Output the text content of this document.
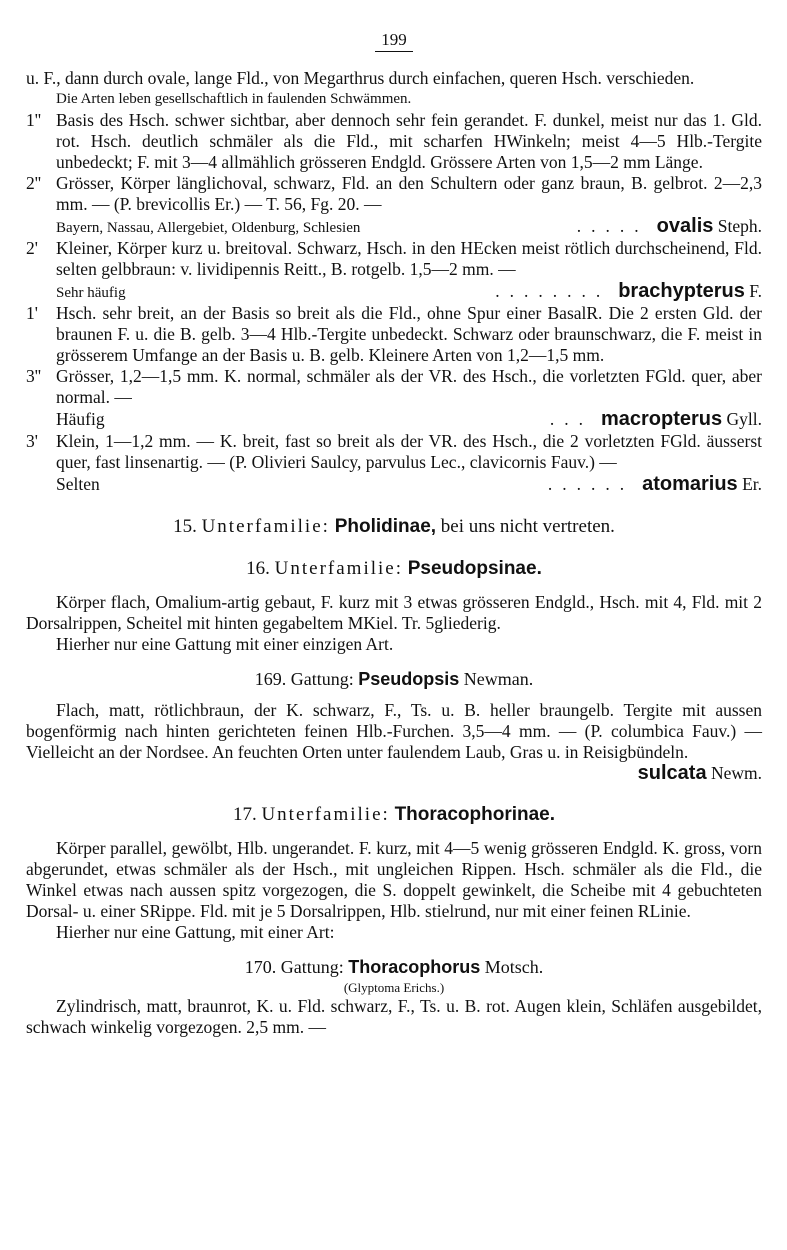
199

u. F., dann durch ovale, lange Fld., von Megarthrus durch einfachen, queren Hsch. verschieden.

Die Arten leben gesellschaftlich in faulenden Schwämmen.

1'' Basis des Hsch. schwer sichtbar, aber dennoch sehr fein gerandet. F. dunkel, meist nur das 1. Gld. rot. Hsch. deutlich schmäler als die Fld., mit scharfen HWinkeln; meist 4—5 Hlb.-Tergite unbedeckt; F. mit 3—4 allmählich grösseren Endgld. Grössere Arten von 1,5—2 mm Länge.

2'' Grösser, Körper länglichoval, schwarz, Fld. an den Schultern oder ganz braun, B. gelbrot. 2—2,3 mm. — (P. brevicollis Er.) — T. 56, Fg. 20. —

Bayern, Nassau, Allergebiet, Oldenburg, Schlesien	..... ovalis Steph.
2'	Kleiner, Körper kurz u. breitoval. Schwarz, Hsch. in den HEcken meist rötlich durchscheinend, Fld. selten gelbbraun: v. lividipennis Reitt., B. rotgelb. 1,5—2 mm. —

Sehr häufig	........ brachypterus F.
1'	Hsch. sehr breit, an der Basis so breit als die Fld., ohne Spur einer BasalR. Die 2 ersten Gld. der braunen F. u. die B. gelb. 3—4 Hlb.-Tergite unbedeckt. Schwarz oder braunschwarz, die F. meist in grösserem Umfange an der Basis u. B. gelb. Kleinere Arten von 1,2—1,5 mm.

3'' Grösser, 1,2—1,5 mm. K. normal, schmäler als der VR. des Hsch., die vorletzten FGld. quer, aber normal. —

Häufig	... macropterus Gyll.
3'	Klein, 1—1,2 mm. — K. breit, fast so breit als der VR. des Hsch., die 2 vorletzten FGld. äusserst quer, fast linsenartig. — (P. Olivieri Saulcy, parvulus Lec., clavicornis Fauv.) —

Selten	...... atomarius Er.
15. Unterfamilie: Pholidinae, bei uns nicht vertreten.
16. Unterfamilie: Pseudopsinae.

Körper flach, Omalium-artig gebaut, F. kurz mit 3 etwas grösseren Endgld., Hsch. mit 4, Fld. mit 2 Dorsalrippen, Scheitel mit hinten gegabeltem MKiel. Tr. 5gliederig.

Hierher nur eine Gattung mit einer einzigen Art.

169. Gattung: Pseudopsis Newman.

Flach, matt, rötlichbraun, der K. schwarz, F., Ts. u. B. heller braungelb. Tergite mit aussen bogenförmig nach hinten gerichteten feinen Hlb.-Furchen. 3,5—4 mm. — (P. columbica Fauv.) — Vielleicht an der Nordsee. An feuchten Orten unter faulendem Laub, Gras u. in Reisigbündeln.

sulcata Newm.

17. Unterfamilie: Thoracophorinae.

Körper parallel, gewölbt, Hlb. ungerandet. F. kurz, mit 4—5 wenig grösseren Endgld. K. gross, vorn abgerundet, etwas schmäler als der Hsch., mit ungleichen Rippen. Hsch. schmäler als die Fld., die Winkel etwas nach aussen spitz vorgezogen, die S. doppelt gewinkelt, die Scheibe mit 4 gebuchteten Dorsal- u. einer SRippe. Fld. mit je 5 Dorsalrippen, Hlb. stielrund, nur mit einer feinen RLinie.

Hierher nur eine Gattung, mit einer Art:

170. Gattung: Thoracophorus Motsch.
(Glyptoma Erichs.)

Zylindrisch, matt, braunrot, K. u. Fld. schwarz, F., Ts. u. B. rot. Augen klein, Schläfen ausgebildet, schwach winkelig vorgezogen. 2,5 mm. —
